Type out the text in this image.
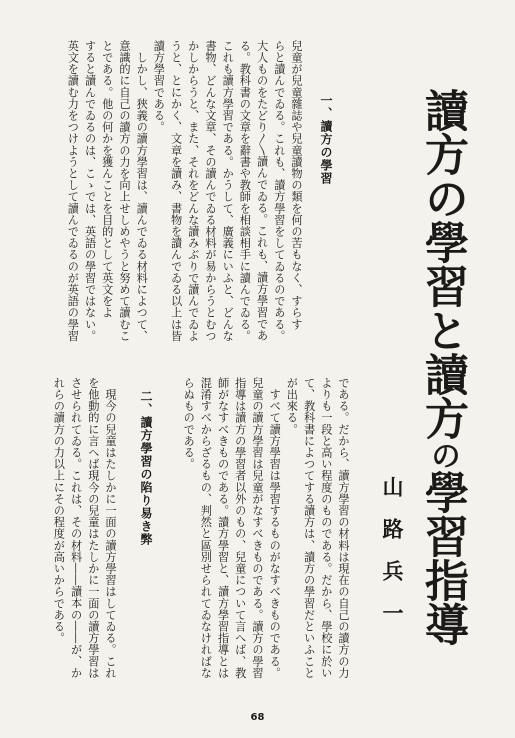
讀方の學習と讀方の學習指導
山路兵一
一、讀方の學習
兒童が兒童雜誌や兒童讀物の類を何の苦もなく、すらす
らと讀んでゐる。これも、讀方學習をしてゐるのである。
大人ものをたどり〳〵讀んでゐる。これも、讀方學習であ
る。教科書の文章を辭書や教師を相談相手に讀んでゐる。
これも讀方學習である。かうして、廣義にいふと、どんな
書物、どんな文章、その讀んでゐる材料が易からうとむつ
かしからうと、また、それをどんな讀みぶりで讀んでゐよ
うと、とにかく、文章を讀み、書物を讀んでゐる以上は皆
讀方學習である。
　しかし、狹義の讀方學習は、讀んでゐる材料によつて、
意識的に自己の讀方の力を向上せしめやうと努めて讀むこ
とである。他の何かを獲んことを目的として英文をよ
すると讀んでゐるのは、こゝでは、英語の學習ではない。
英文を讀む力をつけようとして讀んでゐるのが英語の學習
である。だから、讀方學習の材料は現在の自己の讀方の力
よりも一段と高い程度のものである。だから、學校に於い
て、教科書によつてする讀方は、讀方の學習だといふこと
が出來る。
　すべて讀方學習は學習するものがなすべきものである。
兒童の讀方學習は兒童がなすべきものである。讀方の學習
指導は讀方の學習者以外のもの、兒童について言へば、教
師がなすべきものである。讀方學習と、讀方學習指導とは
混淆すべからざるもの、判然と區別せられてゐなければな
らぬものである。
二、讀方學習の陷り易き弊
　現今の兒童はたしかに一面の讀方學習はしてゐる。これ
を他動的に言へば現今の兒童はたしかに一面の讀方學習は
させられてゐる。これは、その材料――讀本の――が、か
れらの讀方の力以上にその程度が高いからである。
68
